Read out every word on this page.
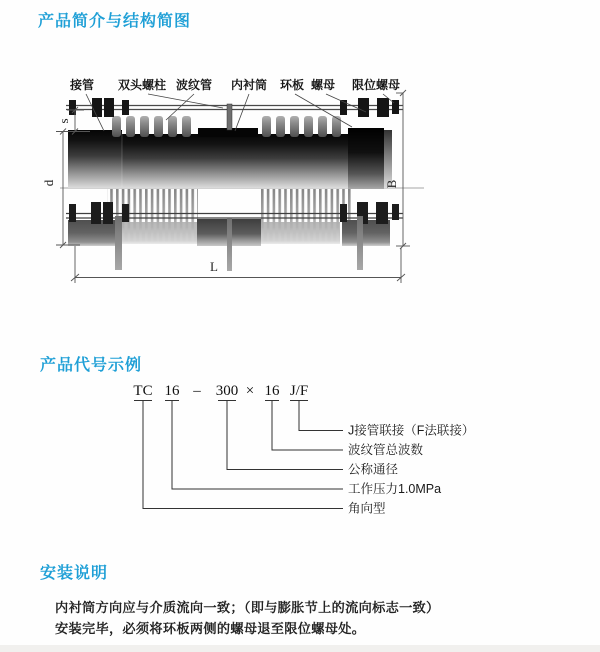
产品简介与结构简图
s
d	B
L
接管 双头螺柱 波纹管 内衬筒 环板 螺母 限位螺母
产品代号示例
TC 16 – 300 × 16 J/F
J接管联接（F法联接）
波纹管总波数
公称通径
工作压力1.0MPa
角向型
安装说明

内衬筒方向应与介质流向一致；（即与膨胀节上的流向标志一致）

安装完毕，必须将环板两侧的螺母退至限位螺母处。
